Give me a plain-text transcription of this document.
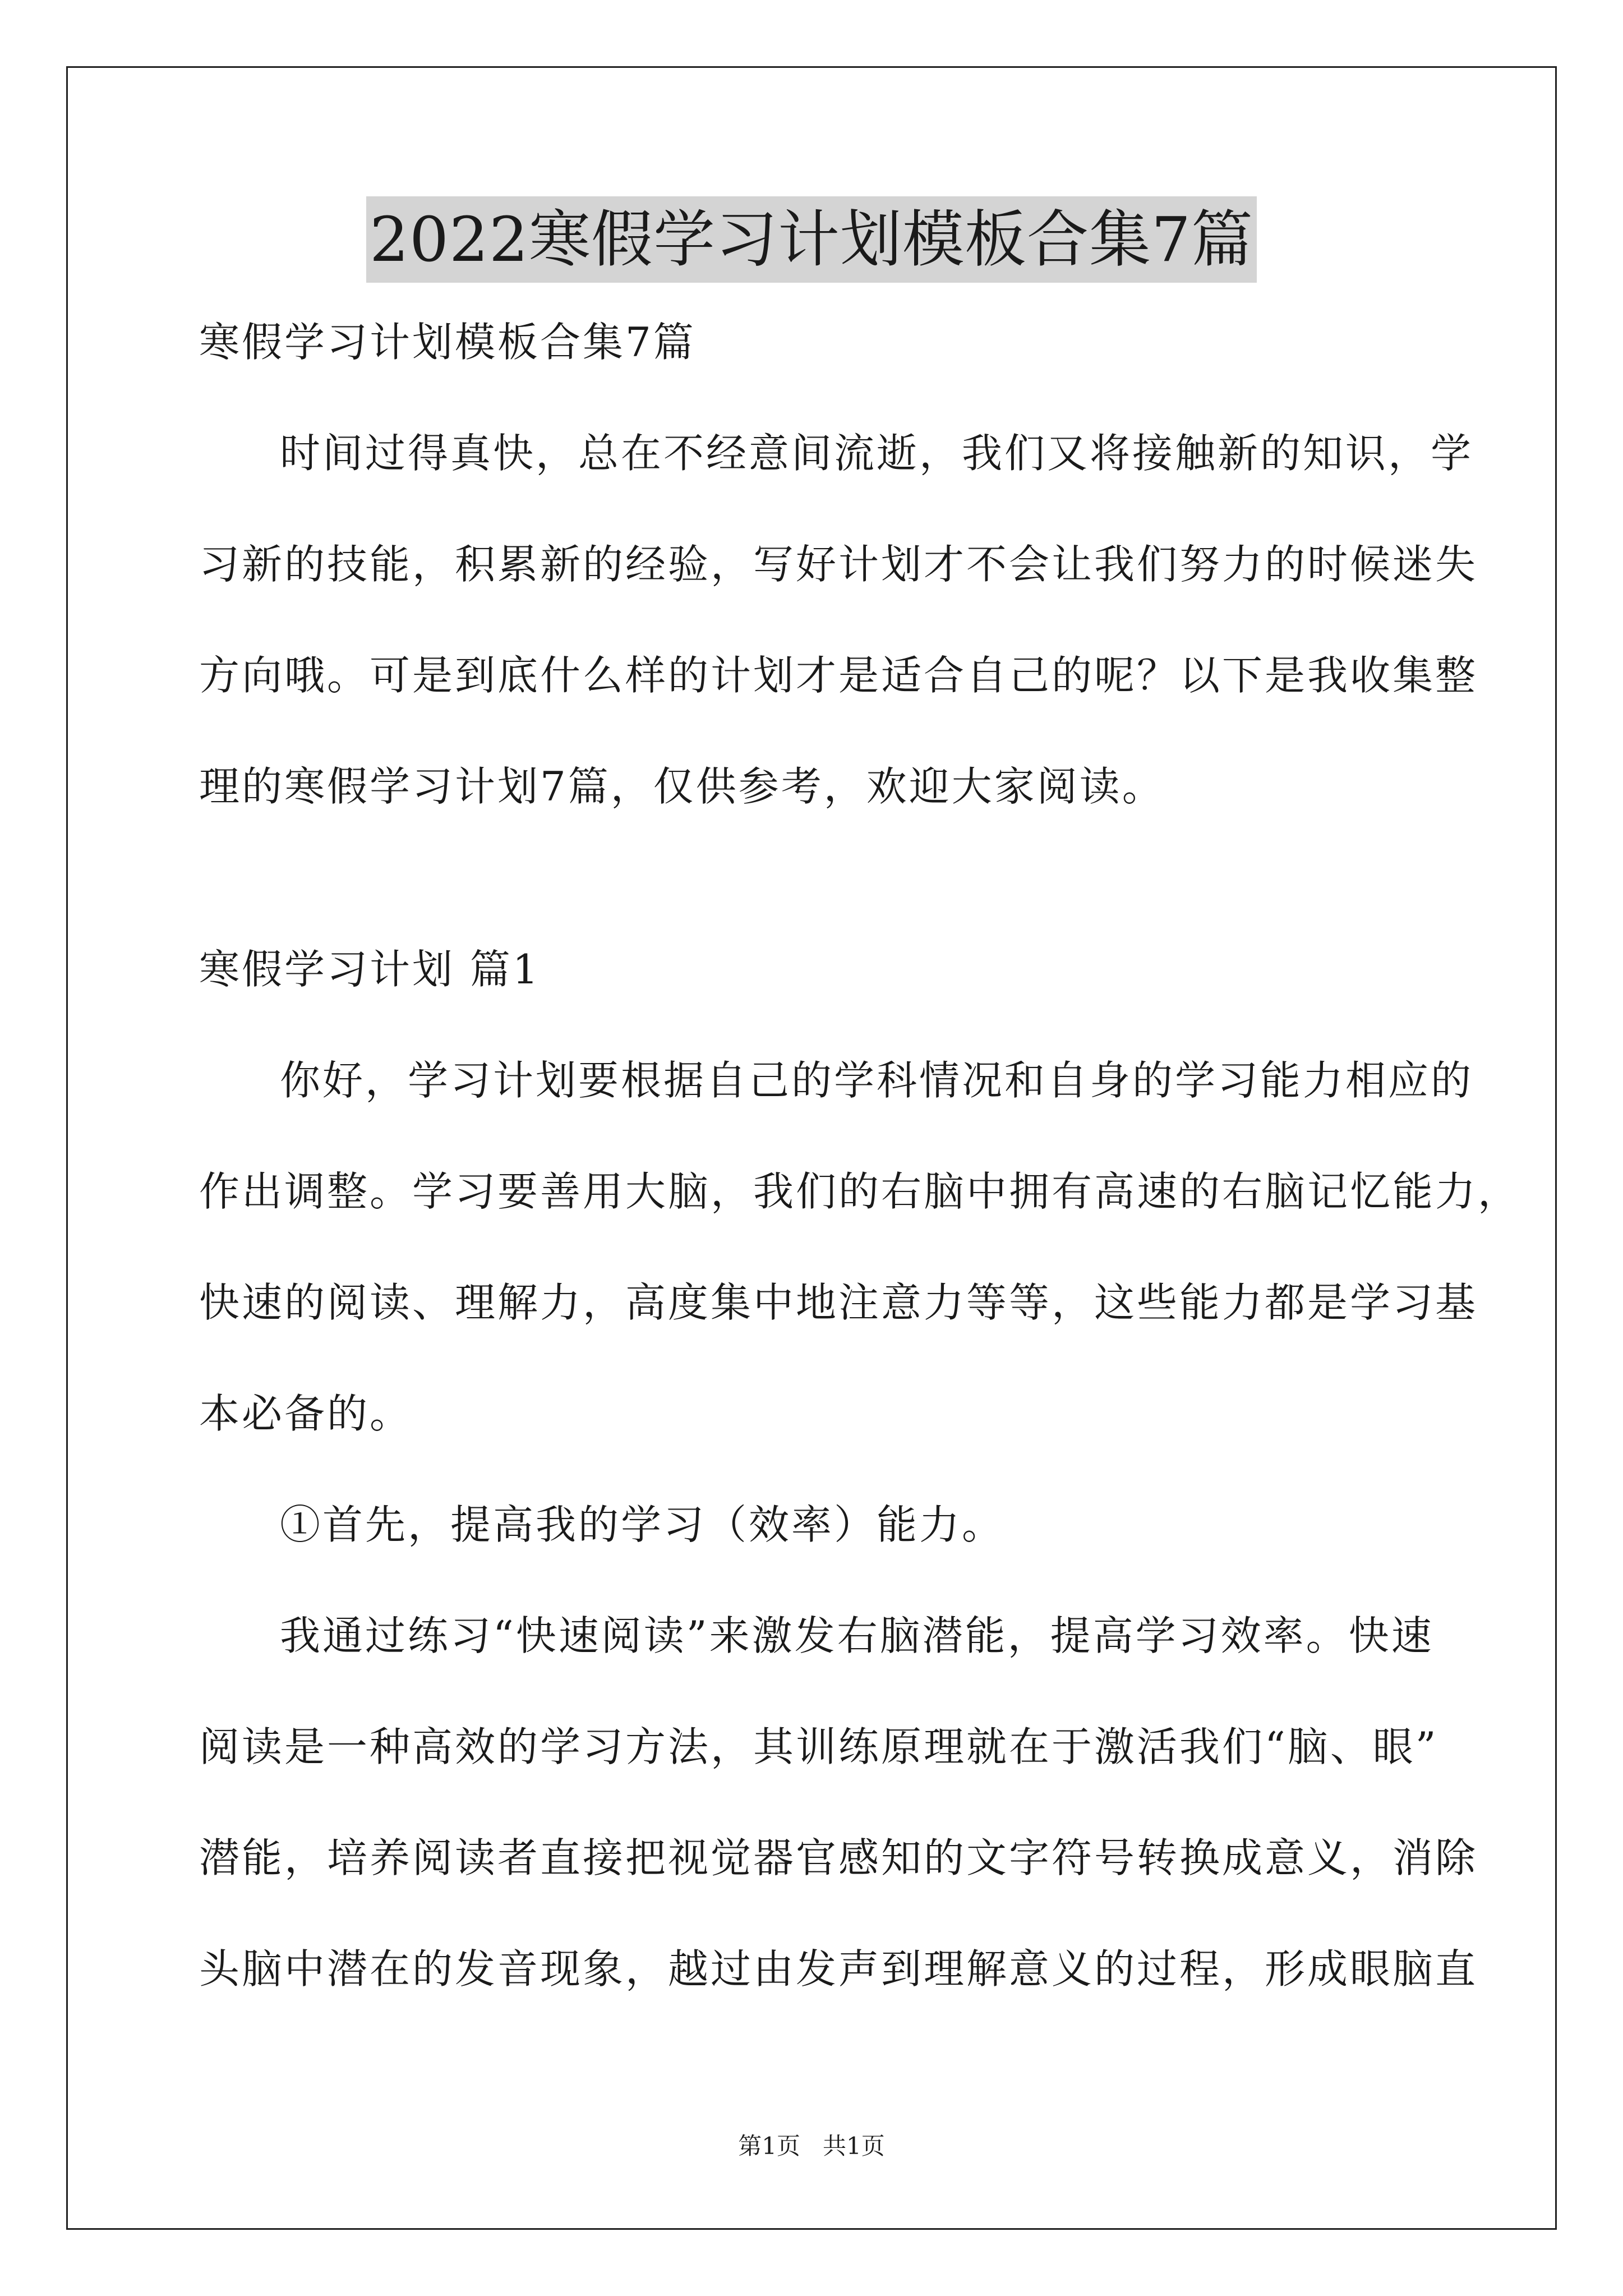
2022寒假学习计划模板合集7篇
寒假学习计划模板合集7篇
时间过得真快，总在不经意间流逝，我们又将接触新的知识，学
习新的技能，积累新的经验，写好计划才不会让我们努力的时候迷失
方向哦。可是到底什么样的计划才是适合自己的呢？以下是我收集整
理的寒假学习计划7篇，仅供参考，欢迎大家阅读。
寒假学习计划 篇1
你好，学习计划要根据自己的学科情况和自身的学习能力相应的
作出调整。学习要善用大脑，我们的右脑中拥有高速的右脑记忆能力，
快速的阅读、理解力，高度集中地注意力等等，这些能力都是学习基
本必备的。
①首先，提高我的学习（效率）能力。
我通过练习“快速阅读”来激发右脑潜能，提高学习效率。快速
阅读是一种高效的学习方法，其训练原理就在于激活我们“脑、眼”
潜能，培养阅读者直接把视觉器官感知的文字符号转换成意义，消除
头脑中潜在的发音现象，越过由发声到理解意义的过程，形成眼脑直
第1页 共1页
